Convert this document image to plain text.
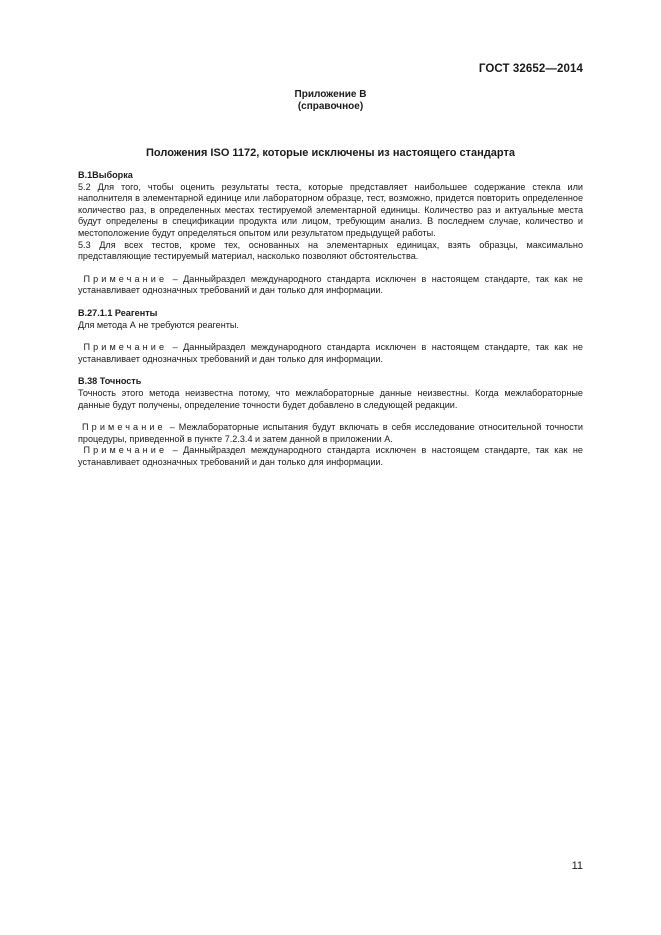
ГОСТ 32652—2014
Приложение В
(справочное)
Положения ISO 1172, которые исключены из настоящего стандарта

В.1Выборка

5.2 Для того, чтобы оценить результаты теста, которые представляет наибольшее содержание стекла или наполнителя в элементарной единице или лабораторном образце, тест, возможно, придется повторить определенное количество раз, в определенных местах тестируемой элементарной единицы. Количество раз и актуальные места будут определены в спецификации продукта или лицом, требующим анализ. В последнем случае, количество и местоположение будут определяться опытом или результатом предыдущей работы.

5.3 Для всех тестов, кроме тех, основанных на элементарных единицах, взять образцы, максимально представляющие тестируемый материал, насколько позволяют обстоятельства.

Примечание – Данныйраздел международного стандарта исключен в настоящем стандарте, так как не устанавливает однозначных требований и дан только для информации.

В.27.1.1 Реагенты

Для метода А не требуются реагенты.

Примечание – Данныйраздел международного стандарта исключен в настоящем стандарте, так как не устанавливает однозначных требований и дан только для информации.

В.38 Точность

Точность этого метода неизвестна потому, что межлабораторные данные неизвестны. Когда межлабораторные данные будут получены, определение точности будет добавлено в следующей редакции.

Примечание – Межлабораторные испытания будут включать в себя исследование относительной точности процедуры, приведенной в пункте 7.2.3.4 и затем данной в приложении А.

Примечание – Данныйраздел международного стандарта исключен в настоящем стандарте, так как не устанавливает однозначных требований и дан только для информации.

11
